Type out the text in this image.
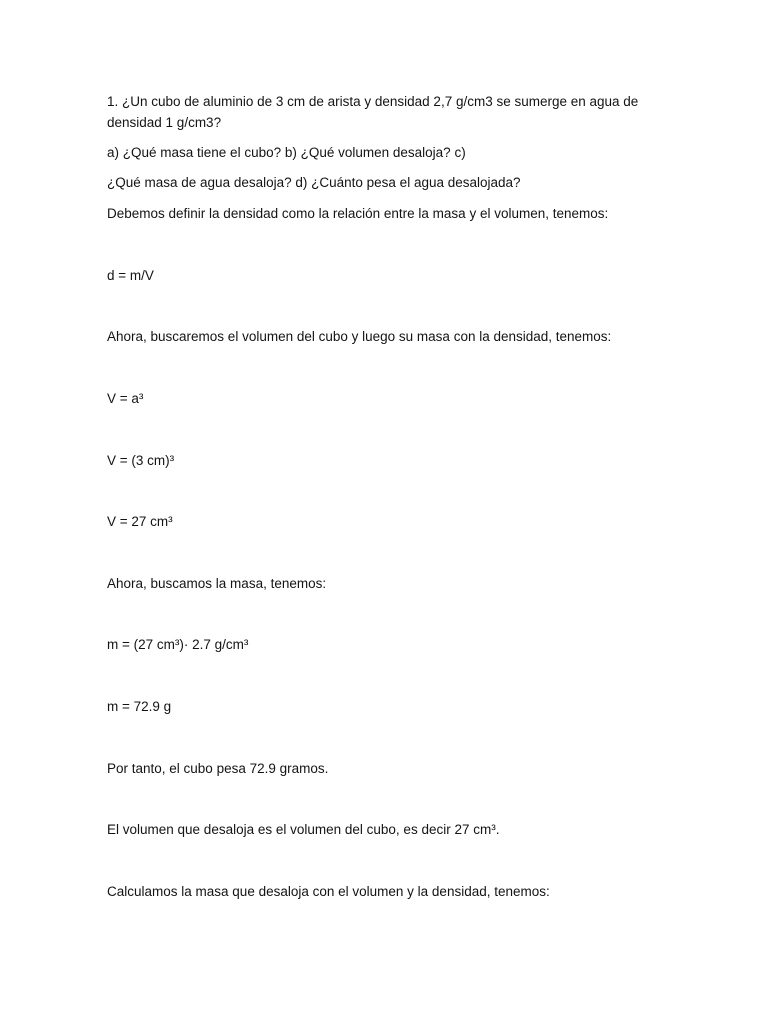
1. ¿Un cubo de aluminio de 3 cm de arista y densidad 2,7 g/cm3 se sumerge en agua de
densidad 1 g/cm3?
a) ¿Qué masa tiene el cubo? b) ¿Qué volumen desaloja? c)
¿Qué masa de agua desaloja? d) ¿Cuánto pesa el agua desalojada?
Debemos definir la densidad como la relación entre la masa y el volumen, tenemos:
d = m/V
Ahora, buscaremos el volumen del cubo y luego su masa con la densidad, tenemos:
V = a³
V = (3 cm)³
V = 27 cm³
Ahora, buscamos la masa, tenemos:
m = (27 cm³)· 2.7 g/cm³
m = 72.9 g
Por tanto, el cubo pesa 72.9 gramos.
El volumen que desaloja es el volumen del cubo, es decir 27 cm³.
Calculamos la masa que desaloja con el volumen y la densidad, tenemos:
